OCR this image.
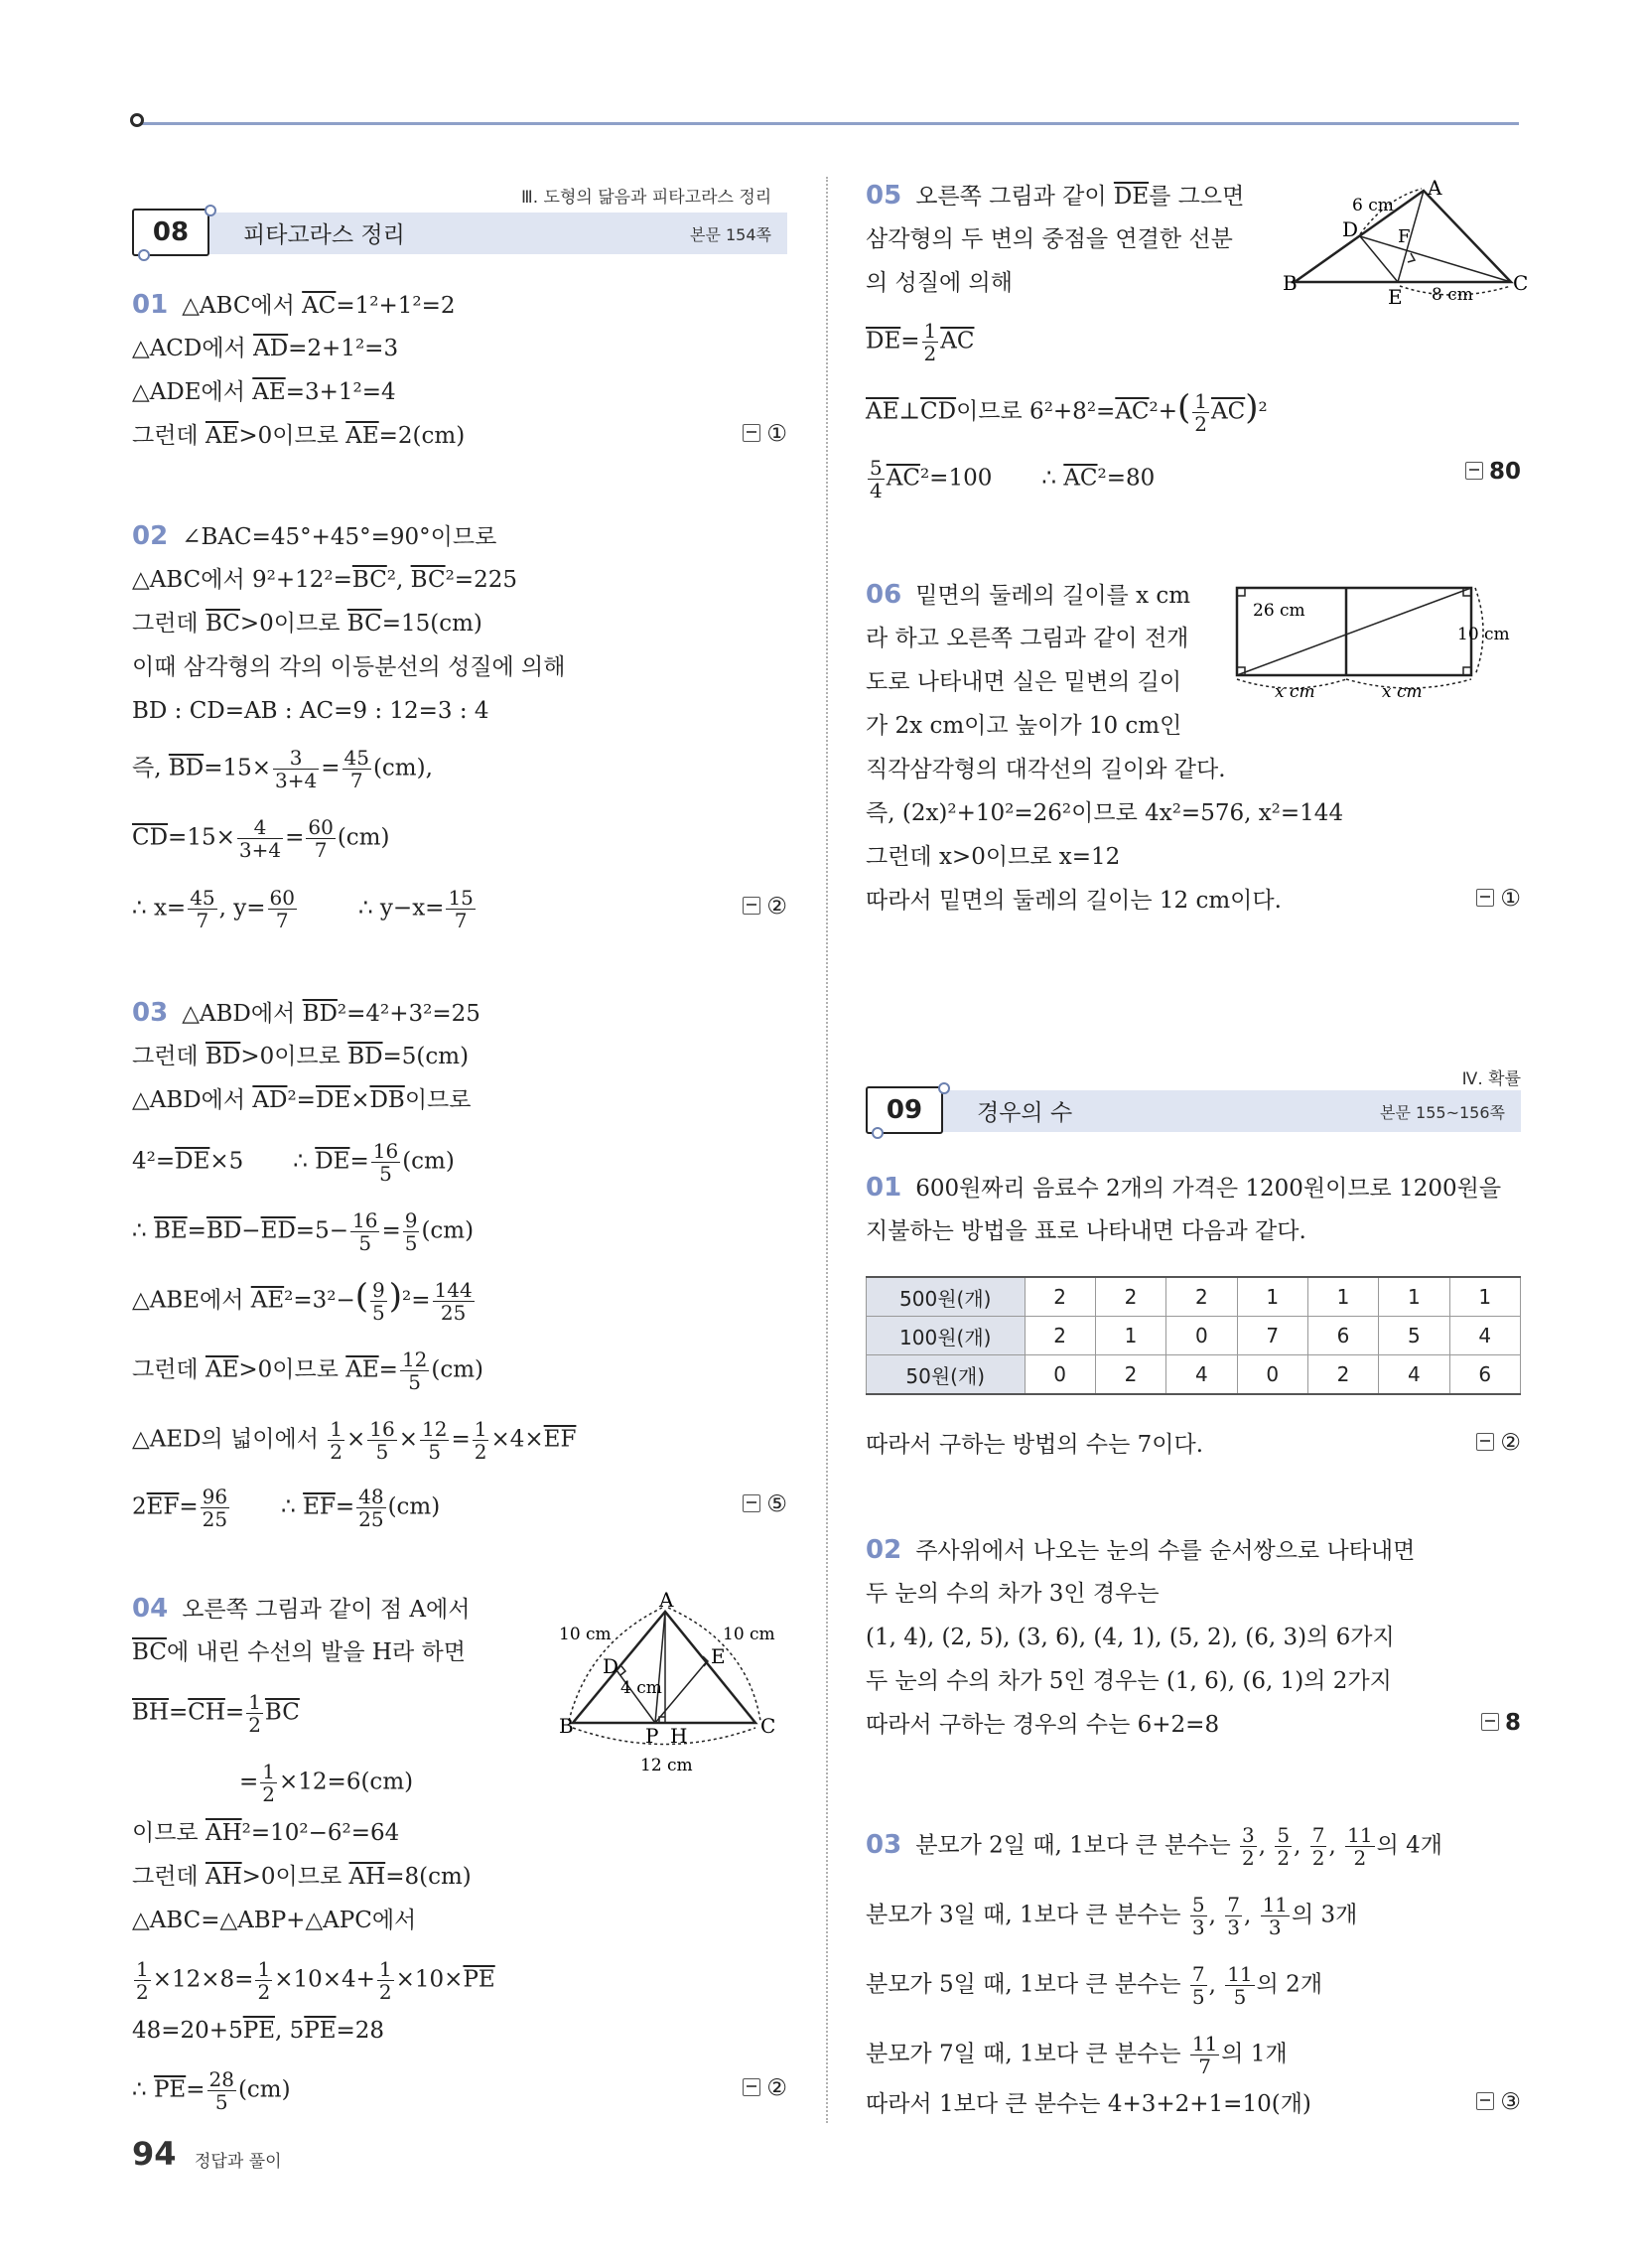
Ⅲ. 도형의 닮음과 피타고라스 정리
08	피타고라스 정리	본문 154쪽
01 △ABC에서 $\overline{AC}=1^2+1^2=2$
△ACD에서 $\overline{AD}=2+1^2=3$
△ADE에서 $\overline{AE}=3+1^2=4$
그런데 $\overline{AE}>0$이므로 $\overline{AE}=2(cm)$	①
02 ∠BAC=45°+45°=90°이므로
△ABC에서 $9^2+12^2=\overline{BC}^2$, $\overline{BC}^2=225$
그런데 $\overline{BC}>0$이므로 $\overline{BC}=15(cm)$
이때 삼각형의 각의 이등분선의 성질에 의해
BD : CD=AB : AC=9 : 12=3 : 4
즉, $\overline{BD}=15\times \frac{3}{3+4} = \frac{45}{7} (cm)$,
$\overline{CD}=15\times \frac{4}{3+4} = \frac{60}{7} (cm)$
∴ $x= \frac{45}{7}$ , $y= \frac{60}{7}$	∴ $y-x= \frac{15}{7}$	②
03 △ABD에서 $\overline{BD}^2=4^2+3^2=25$
그런데 $\overline{BD}>0$이므로 $\overline{BD}=5(cm)$
△ABD에서 $\overline{AD}^2=\overline{DE}\times\overline{DB}$이므로
$4^2=\overline{DE}\times 5$ ∴ $\overline{DE}= \frac{16}{5} (cm)$
∴ $\overline{BE}=\overline{BD}-\overline{ED}=5- \frac{16}{5} = \frac{9}{5} (cm)$
△ABE에서 $\overline{AE}^2=3^2-( \frac{9}{5} )^2= \frac{144}{25}$
그런데 $\overline{AE}>0$이므로 $\overline{AE}= \frac{12}{5} (cm)$
△AED의 넓이에서 $\frac{1}{2} \times \frac{16}{5} \times \frac{12}{5} = \frac{1}{2} \times 4\times\overline{EF}$
$2\overline{EF}= \frac{96}{25}$ ∴ $\overline{EF}= \frac{48}{25} (cm)$	⑤
04 오른쪽 그림과 같이 점 A에서
$\overline{BC}$에 내린 수선의 발을 H라 하면
$\overline{BH}=\overline{CH}= \frac{1}{2} \overline{BC}$
= $\frac{1}{2} \times 12=6(cm)$
이므로 $\overline{AH}^2=10^2-6^2=64$
그런데 $\overline{AH}>0$이므로 $\overline{AH}=8(cm)$
△ABC=△ABP+△APC에서
$\frac{1}{2} \times 12\times 8= \frac{1}{2} \times 10\times 4+ \frac{1}{2} \times 10\times\overline{PE}$
$48=20+5\overline{PE}$, $5\overline{PE}=28$
∴ $\overline{PE}= \frac{28}{5} (cm)$	②
A
B	C
D	E
P H
10 cm	10 cm
4 cm
12 cm
05 오른쪽 그림과 같이 $\overline{DE}$를 그으면
삼각형의 두 변의 중점을 연결한 선분
의 성질에 의해
$\overline{DE}= \frac{1}{2} \overline{AC}$
$\overline{AE}\perp\overline{CD}$이므로 $6^2+8^2=\overline{AC}^2+( \frac{1}{2} \overline{AC})^2$
$\frac{5}{4} \overline{AC}^2=100$ ∴ $\overline{AC}^2=80$	80
A
B	C
D
E
F
6 cm
8 cm
06 밑면의 둘레의 길이를 x cm
라 하고 오른쪽 그림과 같이 전개
도로 나타내면 실은 밑변의 길이
가 2x cm이고 높이가 10 cm인
직각삼각형의 대각선의 길이와 같다.
즉, (2x)²+10²=26²이므로 4x²=576, x²=144
그런데 x>0이므로 x=12
따라서 밑면의 둘레의 길이는 12 cm이다.	①
26 cm
10 cm
x cm	x cm
Ⅳ. 확률
09	경우의 수	본문 155~156쪽
01 600원짜리 음료수 2개의 가격은 1200원이므로 1200원을
지불하는 방법을 표로 나타내면 다음과 같다.
500원(개)	2	2	2	1	1	1	1
100원(개)	2	1	0	7	6	5	4
50원(개)	0	2	4	0	2	4	6
따라서 구하는 방법의 수는 7이다.	②
02 주사위에서 나오는 눈의 수를 순서쌍으로 나타내면
두 눈의 수의 차가 3인 경우는
(1, 4), (2, 5), (3, 6), (4, 1), (5, 2), (6, 3)의 6가지
두 눈의 수의 차가 5인 경우는 (1, 6), (6, 1)의 2가지
따라서 구하는 경우의 수는 6+2=8	8
03 분모가 2일 때, 1보다 큰 분수는 $\frac{3}{2}$ , $\frac{5}{2}$ , $\frac{7}{2}$ , $\frac{11}{2}$ 의 4개
분모가 3일 때, 1보다 큰 분수는 $\frac{5}{3}$ , $\frac{7}{3}$ , $\frac{11}{3}$ 의 3개
분모가 5일 때, 1보다 큰 분수는 $\frac{7}{5}$ , $\frac{11}{5}$ 의 2개
분모가 7일 때, 1보다 큰 분수는 $\frac{11}{7}$ 의 1개
따라서 1보다 큰 분수는 4+3+2+1=10(개)	③
94 정답과 풀이
